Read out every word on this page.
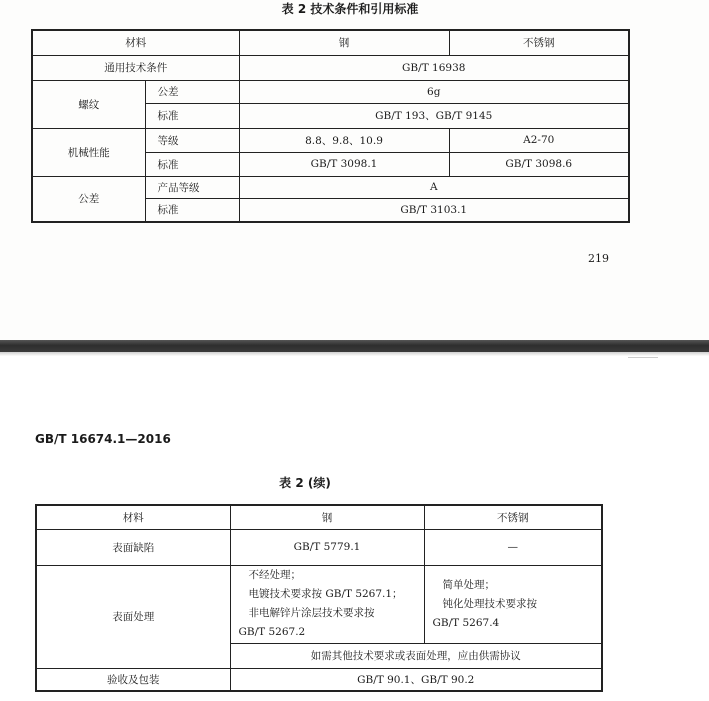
表 2 技术条件和引用标准
材料		钢	不锈钢
通用技术条件		GB/T 16938	
螺纹	公差	6g	
	标准	GB/T 193、GB/T 9145	
机械性能	等级	8.8、9.8、10.9	A2-70
	标准	GB/T 3098.1	GB/T 3098.6
公差	产品等级	A	
	标准	GB/T 3103.1	
219
GB/T 16674.1—2016
表 2 (续)
材料	钢	不锈钢
表面缺陷	GB/T 5779.1	—
表面处理	不经处理；
电镀技术要求按 GB/T 5267.1；
非电解锌片涂层技术要求按
GB/T 5267.2	简单处理；
钝化处理技术要求按
GB/T 5267.4

	如需其他技术要求或表面处理，应由供需协议	
验收及包装	GB/T 90.1、GB/T 90.2	
